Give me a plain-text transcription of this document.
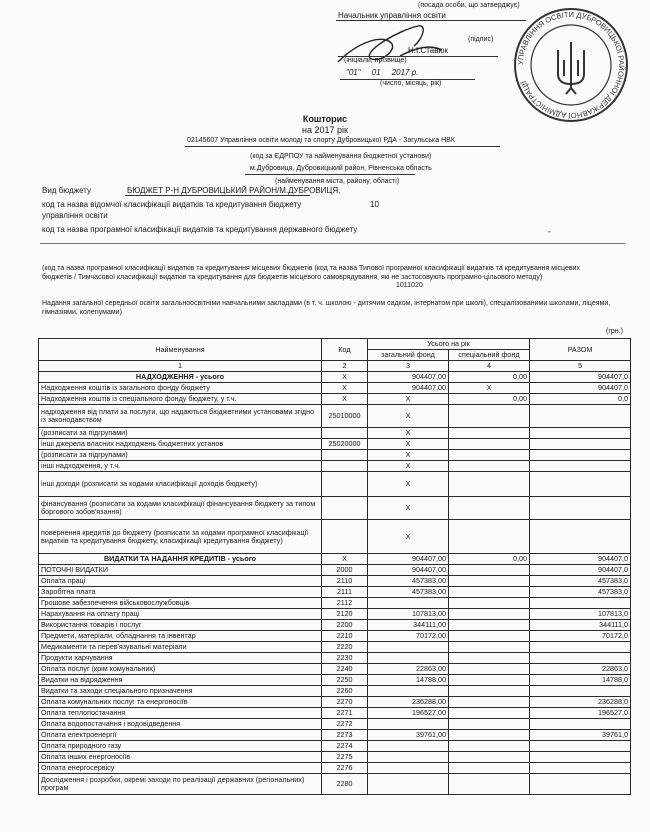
(посада особи, що затверджує)
Начальник управління освіти
(підпис)
Н.І.Ставюк
(ініціали, прізвище)
"01"     01     2017 р.
(число, місяць, рік)
УПРАВЛІННЯ ОСВІТИ ДУБРОВИЦЬКОЇ РАЙОННОЇ ДЕРЖАВНОЇ АДМІНІСТРАЦІЇ
Кошторис
на 2017 рік
02145607 Управління освіти молоді та спорту Дубровицької РДА - Загульська НВК
(код за ЄДРПОУ та найменування бюджетної установи)
м.Дубровиця, Дубровицький район, Рівненська область
(найменування міста, району, області)
Вид бюджету	БЮДЖЕТ Р-Н ДУБРОВИЦЬКИЙ РАЙОН/М.ДУБРОВИЦЯ,
код та назва відомчої класифікації видатків та кредитування бюджету	10
управління освіти
код та назва програмної класифікації видатків та кредитування державного бюджету	-
(код та назва програмної класифікації видатків та кредитування місцевих бюджетів (код та назва Типової програмної класифікації видатків та кредитування місцевих бюджетів / Тимчасової класифікації видатків та кредитування для бюджетів місцевого самоврядування, які не застосовують програмно-цільового методу)
1011020
Надання загальної середньої освіти загальноосвітніми навчальними закладами (в т. ч. школою - дитячим садком, інтернатом при школі), спеціалізованими школами, ліцеями, гімназіями, колегіумами)
(грн.)
Найменування	Код	Усього на рік		РАЗОМ
		загальний фонд	спеціальний фонд	
1	2	3	4	5
НАДХОДЖЕННЯ - усього	X	904407,00	0,00	904407,0
Надходження коштів із загального фонду бюджету	X	904407,00	X	904407,0
Надходження коштів із спеціального фонду бюджету, у т.ч.	X	X	0,00	0,0
надходження від плати за послуги, що надаються бюджетними установами згідно із законодавством	25010000	X		
(розписати за підгрупами)		X		
інші джерела власних надходжень бюджетних установ	25020000	X		
(розписати за підгрупами)		X		
інші надходження, у т.ч.		X		
інші доходи (розписати за кодами класифікації доходів бюджету)		X		
фінансування (розписати за кодами класифікації фінансування бюджету за типом боргового зобов'язання)		X		
повернення кредитів до бюджету (розписати за кодами програмної класифікації видатків та кредитування бюджету, класифікації кредитування бюджету)		X		
ВИДАТКИ ТА НАДАННЯ КРЕДИТІВ - усього	X	904407,00	0,00	904407,0
ПОТОЧНІ ВИДАТКИ	2000	904407,00		904407,0
Оплата праці	2110	457383,00		457383,0
Заробітна плата	2111	457383,00		457383,0
Грошове забезпечення військовослужбовців	2112			
Нарахування на оплату праці	2120	107813,00		107813,0
Використання товарів і послуг	2200	344111,00		344111,0
Предмети, матеріали, обладнання та інвентар	2210	70172,00		70172,0
Медикаменти та перев'язувальні матеріали	2220			
Продукти харчування	2230			
Оплата послуг (крім комунальних)	2240	22863,00		22863,0
Видатки на відрядження	2250	14788,00		14788,0
Видатки та заходи спеціального призначення	2260			
Оплата комунальних послуг та енергоносіїв	2270	236288,00		236288,0
Оплата теплопостачання	2271	196527,00		196527,0
Оплата водопостачання і водовідведення	2272			
Оплата електроенергії	2273	39761,00		39761,0
Оплата природного газу	2274			
Оплата інших енергоносіїв	2275			
Оплата енергосервісу	2276			
Дослідження і розробки, окремі заходи по реалізації державних (регіональних) програм	2280			
